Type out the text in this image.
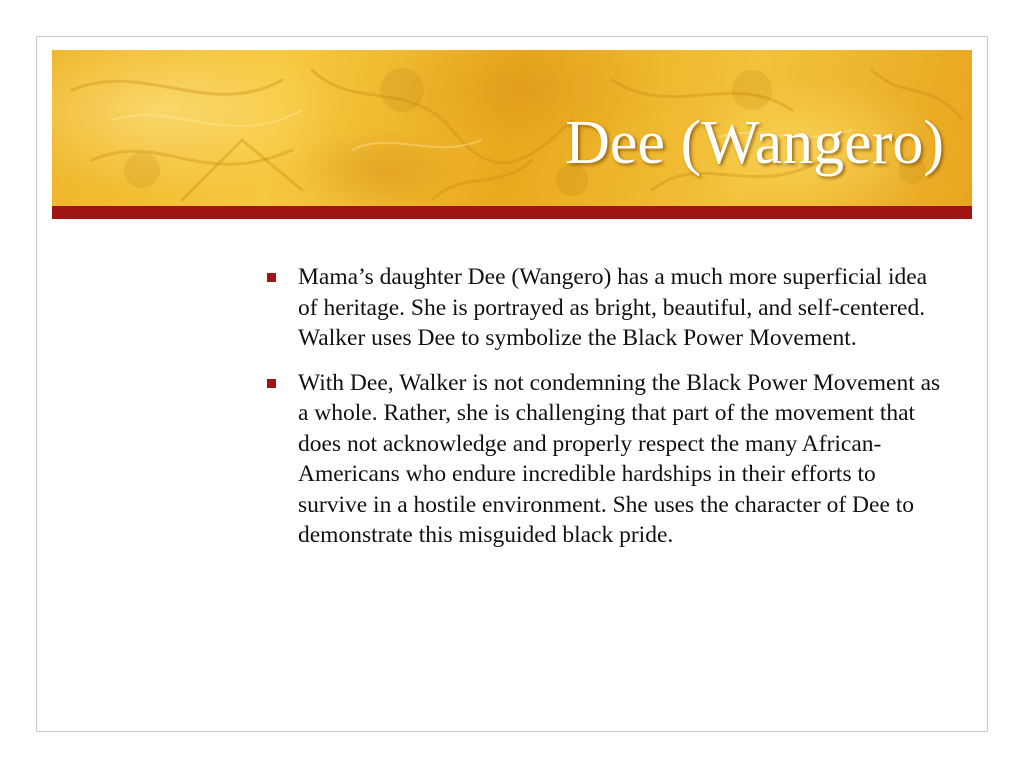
Dee (Wangero)
Mama’s daughter Dee (Wangero) has a much more superficial idea of heritage. She is portrayed as bright, beautiful, and self-centered. Walker uses Dee to symbolize the Black Power Movement.
With Dee, Walker is not condemning the Black Power Movement as a whole. Rather, she is challenging that part of the movement that does not acknowledge and properly respect the many African-Americans who endure incredible hardships in their efforts to survive in a hostile environment. She uses the character of Dee to demonstrate this misguided black pride.
